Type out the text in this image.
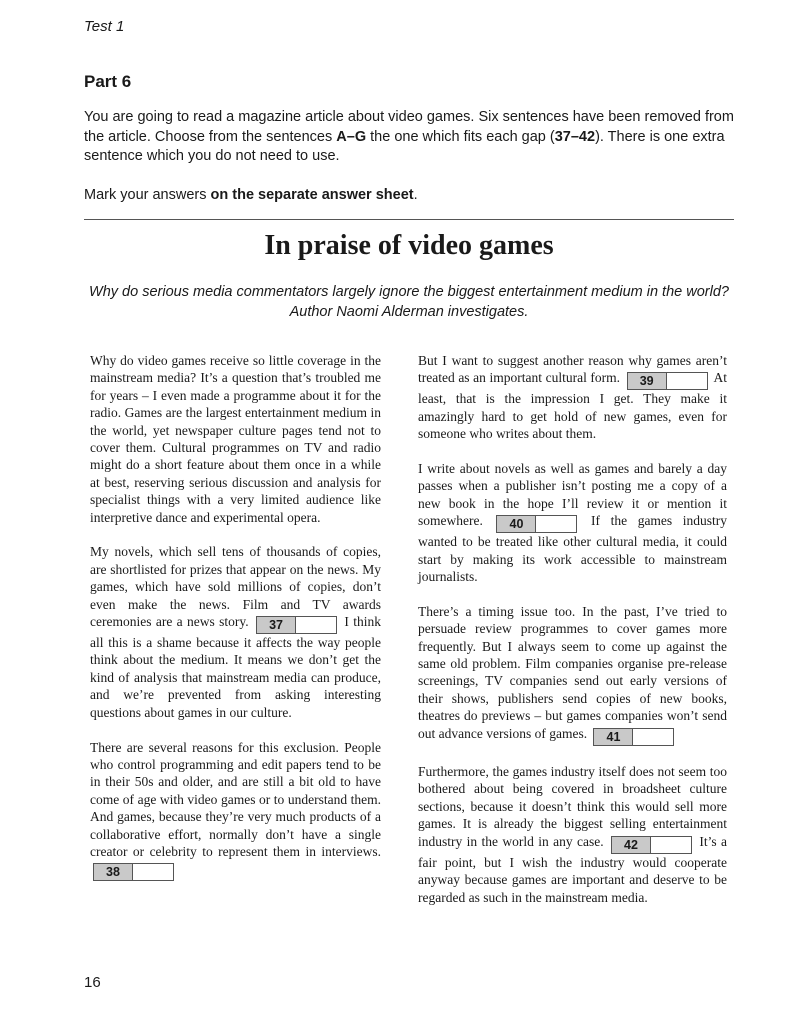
Test 1
Part 6

You are going to read a magazine article about video games. Six sentences have been removed from the article. Choose from the sentences A–G the one which fits each gap (37–42). There is one extra sentence which you do not need to use.

Mark your answers on the separate answer sheet.

In praise of video games
Why do serious media commentators largely ignore the biggest entertainment medium in the world? Author Naomi Alderman investigates.

Why do video games receive so little coverage in the mainstream media? It’s a question that’s troubled me for years – I even made a programme about it for the radio. Games are the largest entertainment medium in the world, yet newspaper culture pages tend not to cover them. Cultural programmes on TV and radio might do a short feature about them once in a while at best, reserving serious discussion and analysis for specialist things with a very limited audience like interpretive dance and experimental opera.

My novels, which sell tens of thousands of copies, are shortlisted for prizes that appear on the news. My games, which have sold millions of copies, don’t even make the news. Film and TV awards ceremonies are a news story.	37	I think all this is a shame because it affects the way people think about the medium. It means we don’t get the kind of analysis that mainstream media can produce, and we’re prevented from asking interesting questions about games in our culture.

There are several reasons for this exclusion. People who control programming and edit papers tend to be in their 50s and older, and are still a bit old to have come of age with video games or to understand them. And games, because they’re very much products of a collaborative effort, normally don’t have a single creator or celebrity to represent them in interviews.
38

But I want to suggest another reason why games aren’t treated as an important cultural form.	39	At least, that is the impression I get. They make it amazingly hard to get hold of new games, even for someone who writes about them.

I write about novels as well as games and barely a day passes when a publisher isn’t posting me a copy of a new book in the hope I’ll review it or mention it somewhere.	40	If the games industry wanted to be treated like other cultural media, it could start by making its work accessible to mainstream journalists.

There’s a timing issue too. In the past, I’ve tried to persuade review programmes to cover games more frequently. But I always seem to come up against the same old problem. Film companies organise pre-release screenings, TV companies send out early versions of their shows, publishers send copies of new books, theatres do previews – but games companies won’t send out advance versions of games.	41

Furthermore, the games industry itself does not seem too bothered about being covered in broadsheet culture sections, because it doesn’t think this would sell more games. It is already the biggest selling entertainment industry in the world in any case.	42	It’s a fair point, but I wish the industry would cooperate anyway because games are important and deserve to be regarded as such in the mainstream media.

16
